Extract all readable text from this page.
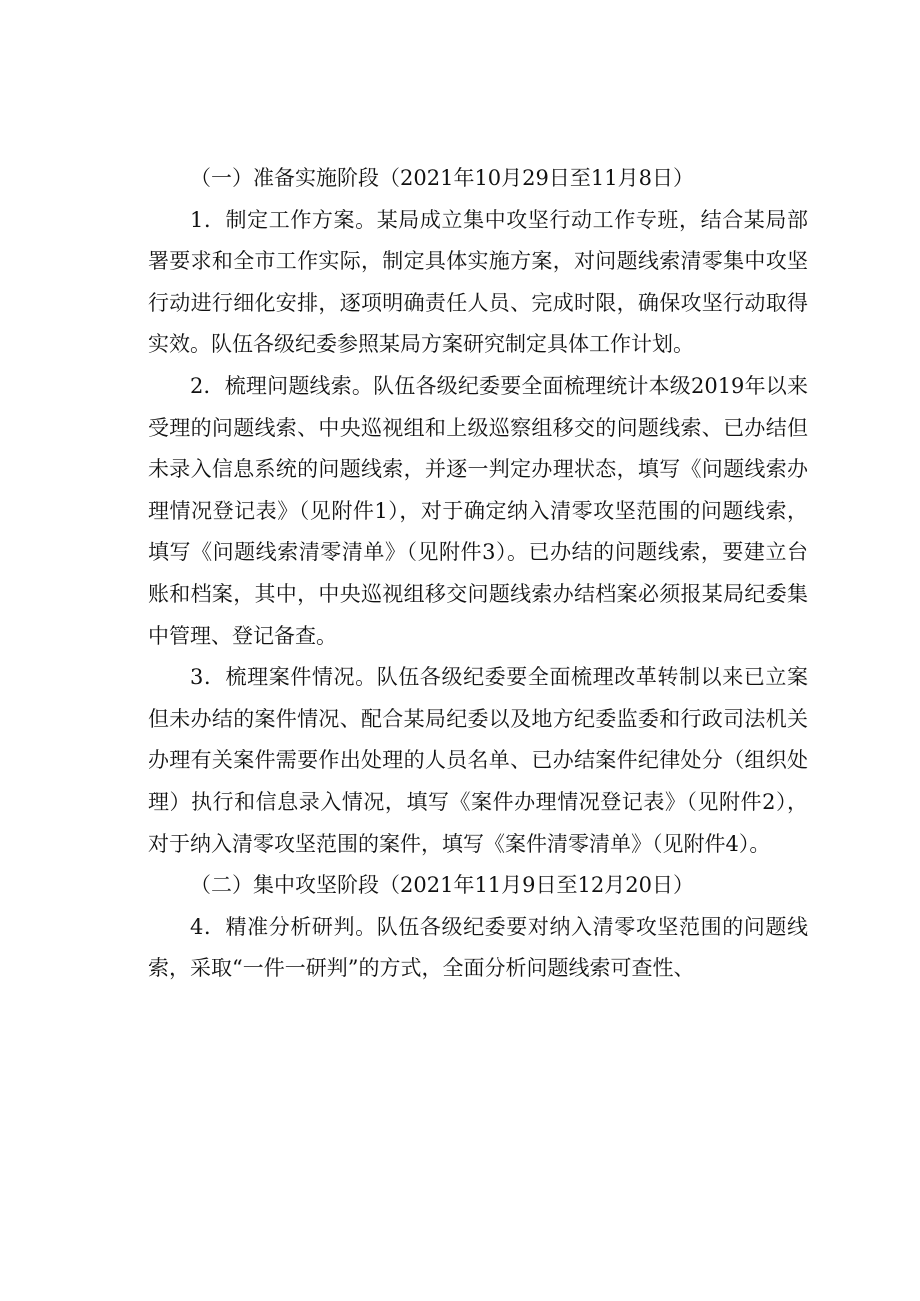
（一）准备实施阶段（2021年10月29日至11月8日）

1．制定工作方案。某局成立集中攻坚行动工作专班，结合某局部署要求和全市工作实际，制定具体实施方案，对问题线索清零集中攻坚行动进行细化安排，逐项明确责任人员、完成时限，确保攻坚行动取得实效。队伍各级纪委参照某局方案研究制定具体工作计划。

2．梳理问题线索。队伍各级纪委要全面梳理统计本级2019年以来受理的问题线索、中央巡视组和上级巡察组移交的问题线索、已办结但未录入信息系统的问题线索，并逐一判定办理状态，填写《问题线索办理情况登记表》（见附件1），对于确定纳入清零攻坚范围的问题线索，填写《问题线索清零清单》（见附件3）。已办结的问题线索，要建立台账和档案，其中，中央巡视组移交问题线索办结档案必须报某局纪委集中管理、登记备查。

3．梳理案件情况。队伍各级纪委要全面梳理改革转制以来已立案但未办结的案件情况、配合某局纪委以及地方纪委监委和行政司法机关办理有关案件需要作出处理的人员名单、已办结案件纪律处分（组织处理）执行和信息录入情况，填写《案件办理情况登记表》（见附件2），对于纳入清零攻坚范围的案件，填写《案件清零清单》（见附件4）。

（二）集中攻坚阶段（2021年11月9日至12月20日）

4．精准分析研判。队伍各级纪委要对纳入清零攻坚范围的问题线索，采取“一件一研判”的方式，全面分析问题线索可查性、
